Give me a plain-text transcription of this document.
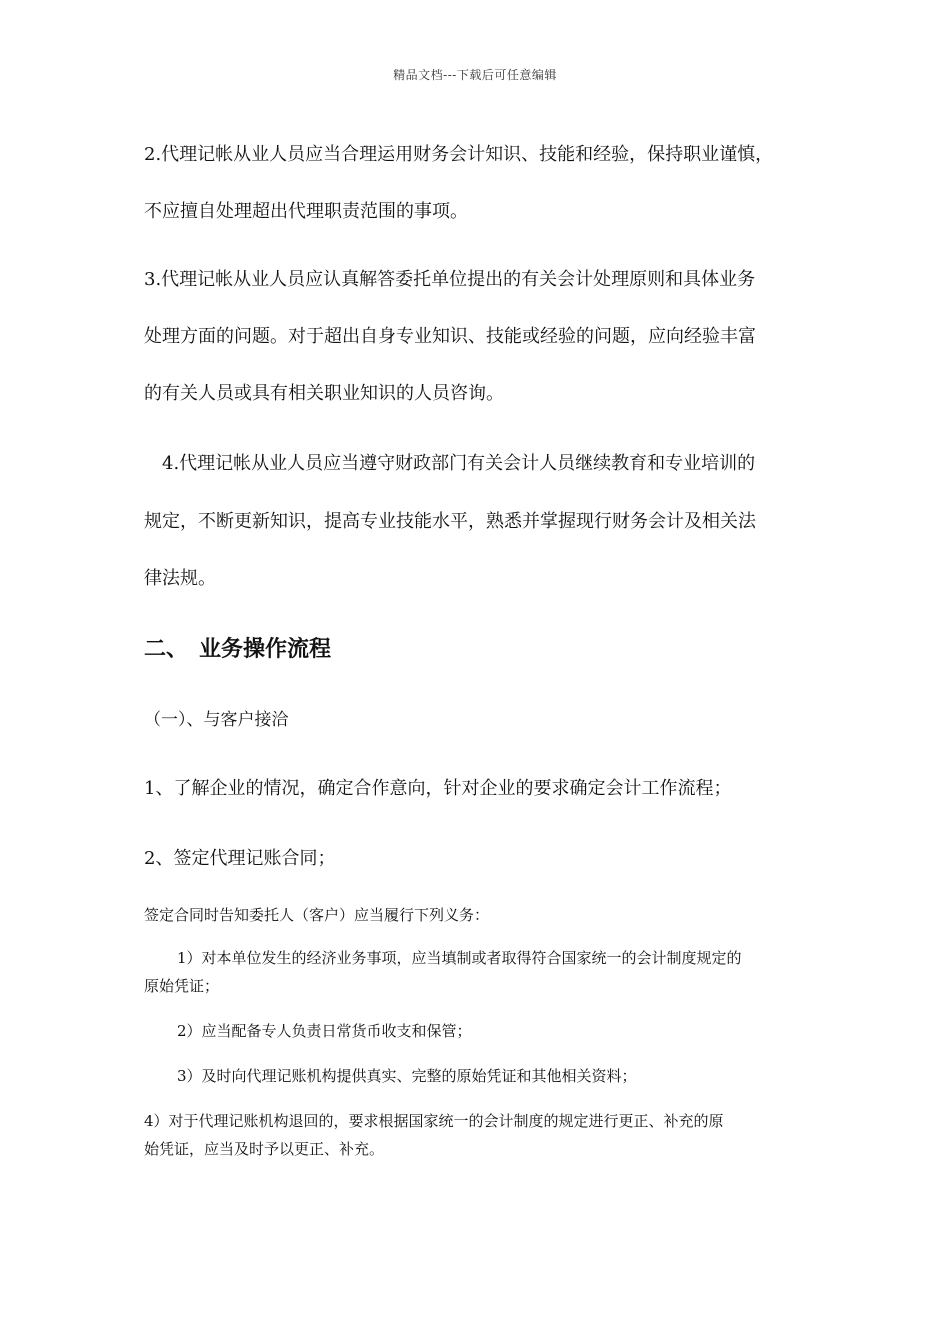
精品文档---下载后可任意编辑
2.代理记帐从业人员应当合理运用财务会计知识、技能和经验，保持职业谨慎，
不应擅自处理超出代理职责范围的事项。
3.代理记帐从业人员应认真解答委托单位提出的有关会计处理原则和具体业务
处理方面的问题。对于超出自身专业知识、技能或经验的问题，应向经验丰富
的有关人员或具有相关职业知识的人员咨询。
4.代理记帐从业人员应当遵守财政部门有关会计人员继续教育和专业培训的
规定，不断更新知识，提高专业技能水平，熟悉并掌握现行财务会计及相关法
律法规。
二、 业务操作流程
（一）、与客户接洽
1、了解企业的情况，确定合作意向，针对企业的要求确定会计工作流程；
2、签定代理记账合同；
签定合同时告知委托人（客户）应当履行下列义务：
1）对本单位发生的经济业务事项，应当填制或者取得符合国家统一的会计制度规定的
原始凭证；
2）应当配备专人负责日常货币收支和保管；
3）及时向代理记账机构提供真实、完整的原始凭证和其他相关资料；
4）对于代理记账机构退回的，要求根据国家统一的会计制度的规定进行更正、补充的原
始凭证，应当及时予以更正、补充。
